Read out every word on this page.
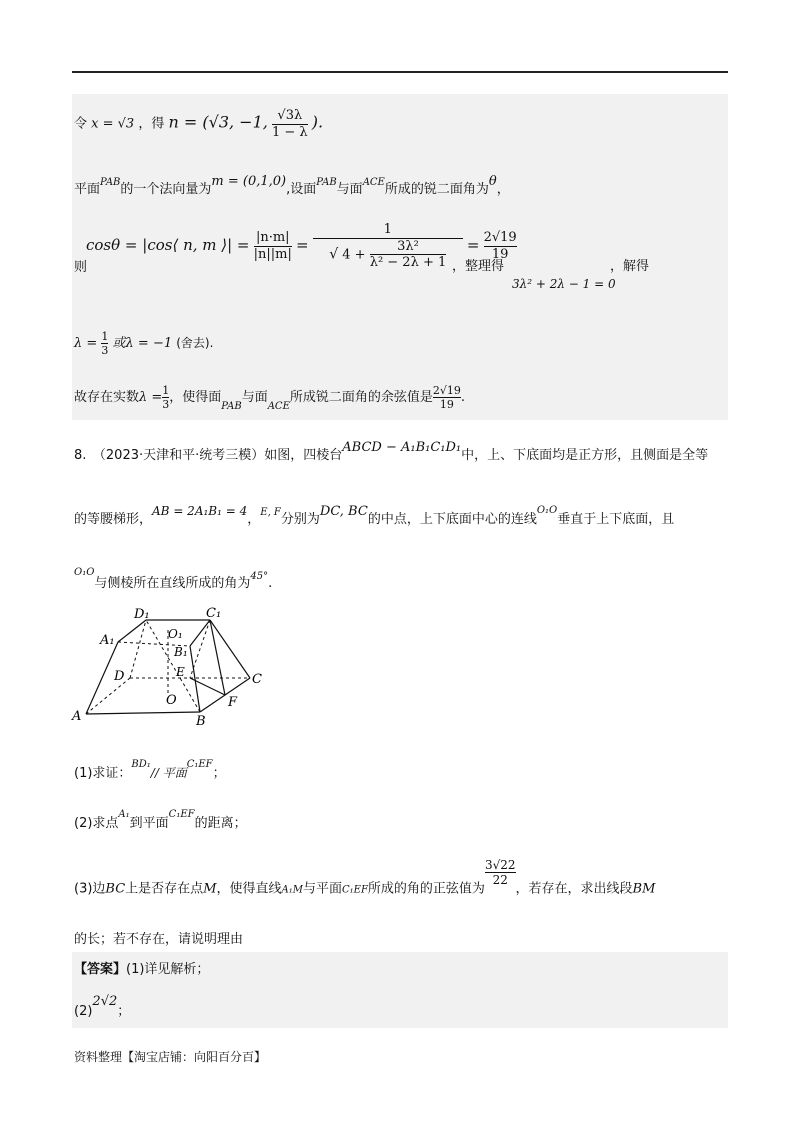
令 x = √3 ，得 n = (√3, −1, $\frac{√3\lambda}{1 - \lambda}$ ).
平面$^{PAB}$的一个法向量为m = (0,1,0),设面$^{PAB}$与面$^{ACE}$所成的锐二面角为θ，
则
cosθ = |cos⟨ n, m ⟩| = $\frac{|n\cdot m|}{|n||m|} = \frac{1}{√ 4 + \frac{\text{3λ²}}{\text{λ² − 2λ + 1}}} = \frac{2√19}{19}$
，整理得
3λ² + 2λ − 1 = 0
，解得
$\lambda = \frac{1}{3}$ 或λ = −1 (舍去).
故存在实数$\lambda = \frac{1}{3}$ ，使得面$_{PAB}$与面$_{ACE}$所成锐二面角的余弦值是 $\frac{2√19}{19}$ .
8.　（2023·天津和平·统考三模）如图，四棱台ABCD − A₁B₁C₁D₁中，上、下底面均是正方形，且侧面是全等
的等腰梯形，AB = 2A₁B₁ = 4，$^{E, F}$分别为DC, BC的中点，上下底面中心的连线$^{O_1O}$垂直于上下底面，且
$^{O_1O}$与侧棱所在直线所成的角为45°.
D₁	C₁
A₁	O₁
B₁
E
D	C
O	F
A	B
(1)求证：$^{BD_1}$// 平面$^{C_1EF}$；
(2)求点$^{A_1}$到平面$^{C_1EF}$的距离；
(3)边BC上是否存在点M，使得直线A₁M与平面C₁EF所成的角的正弦值为
$\frac{3√22}{22}$
，若存在，求出线段BM
的长；若不存在，请说明理由
【答案】(1)详见解析；
(2)2√2；
资料整理【淘宝店铺：向阳百分百】
